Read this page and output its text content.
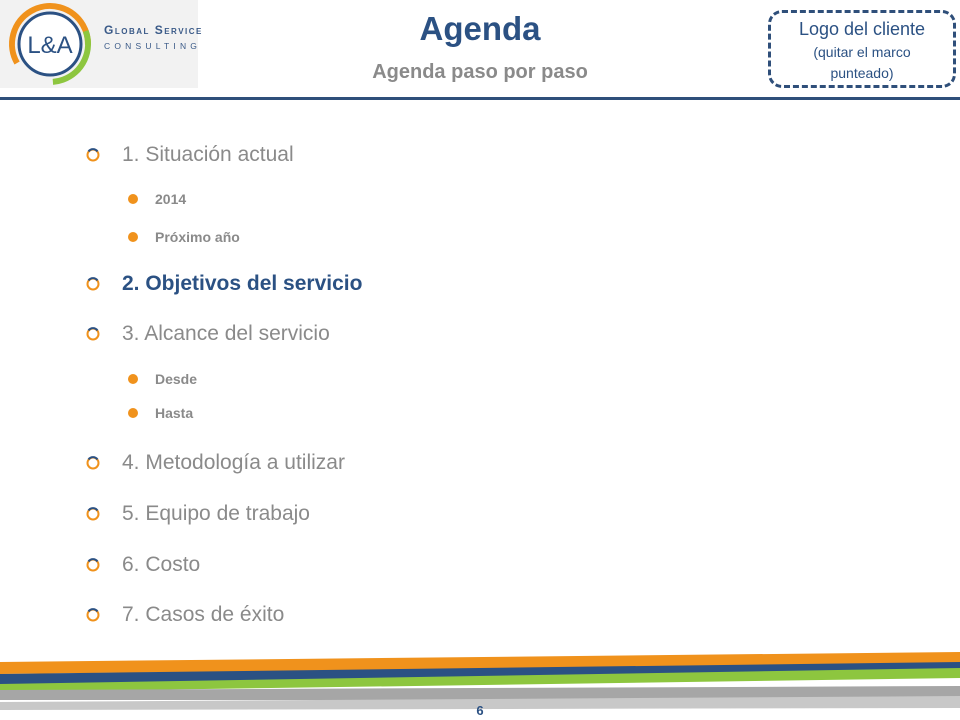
L&A
Global Service
CONSULTING	Agenda
Agenda paso por paso
Logo del cliente
(quitar el marco punteado)
1. Situación actual
2014
Próximo año
2. Objetivos del servicio
3. Alcance del servicio
Desde
Hasta
4. Metodología a utilizar
5. Equipo de trabajo
6. Costo
7. Casos de éxito
6
